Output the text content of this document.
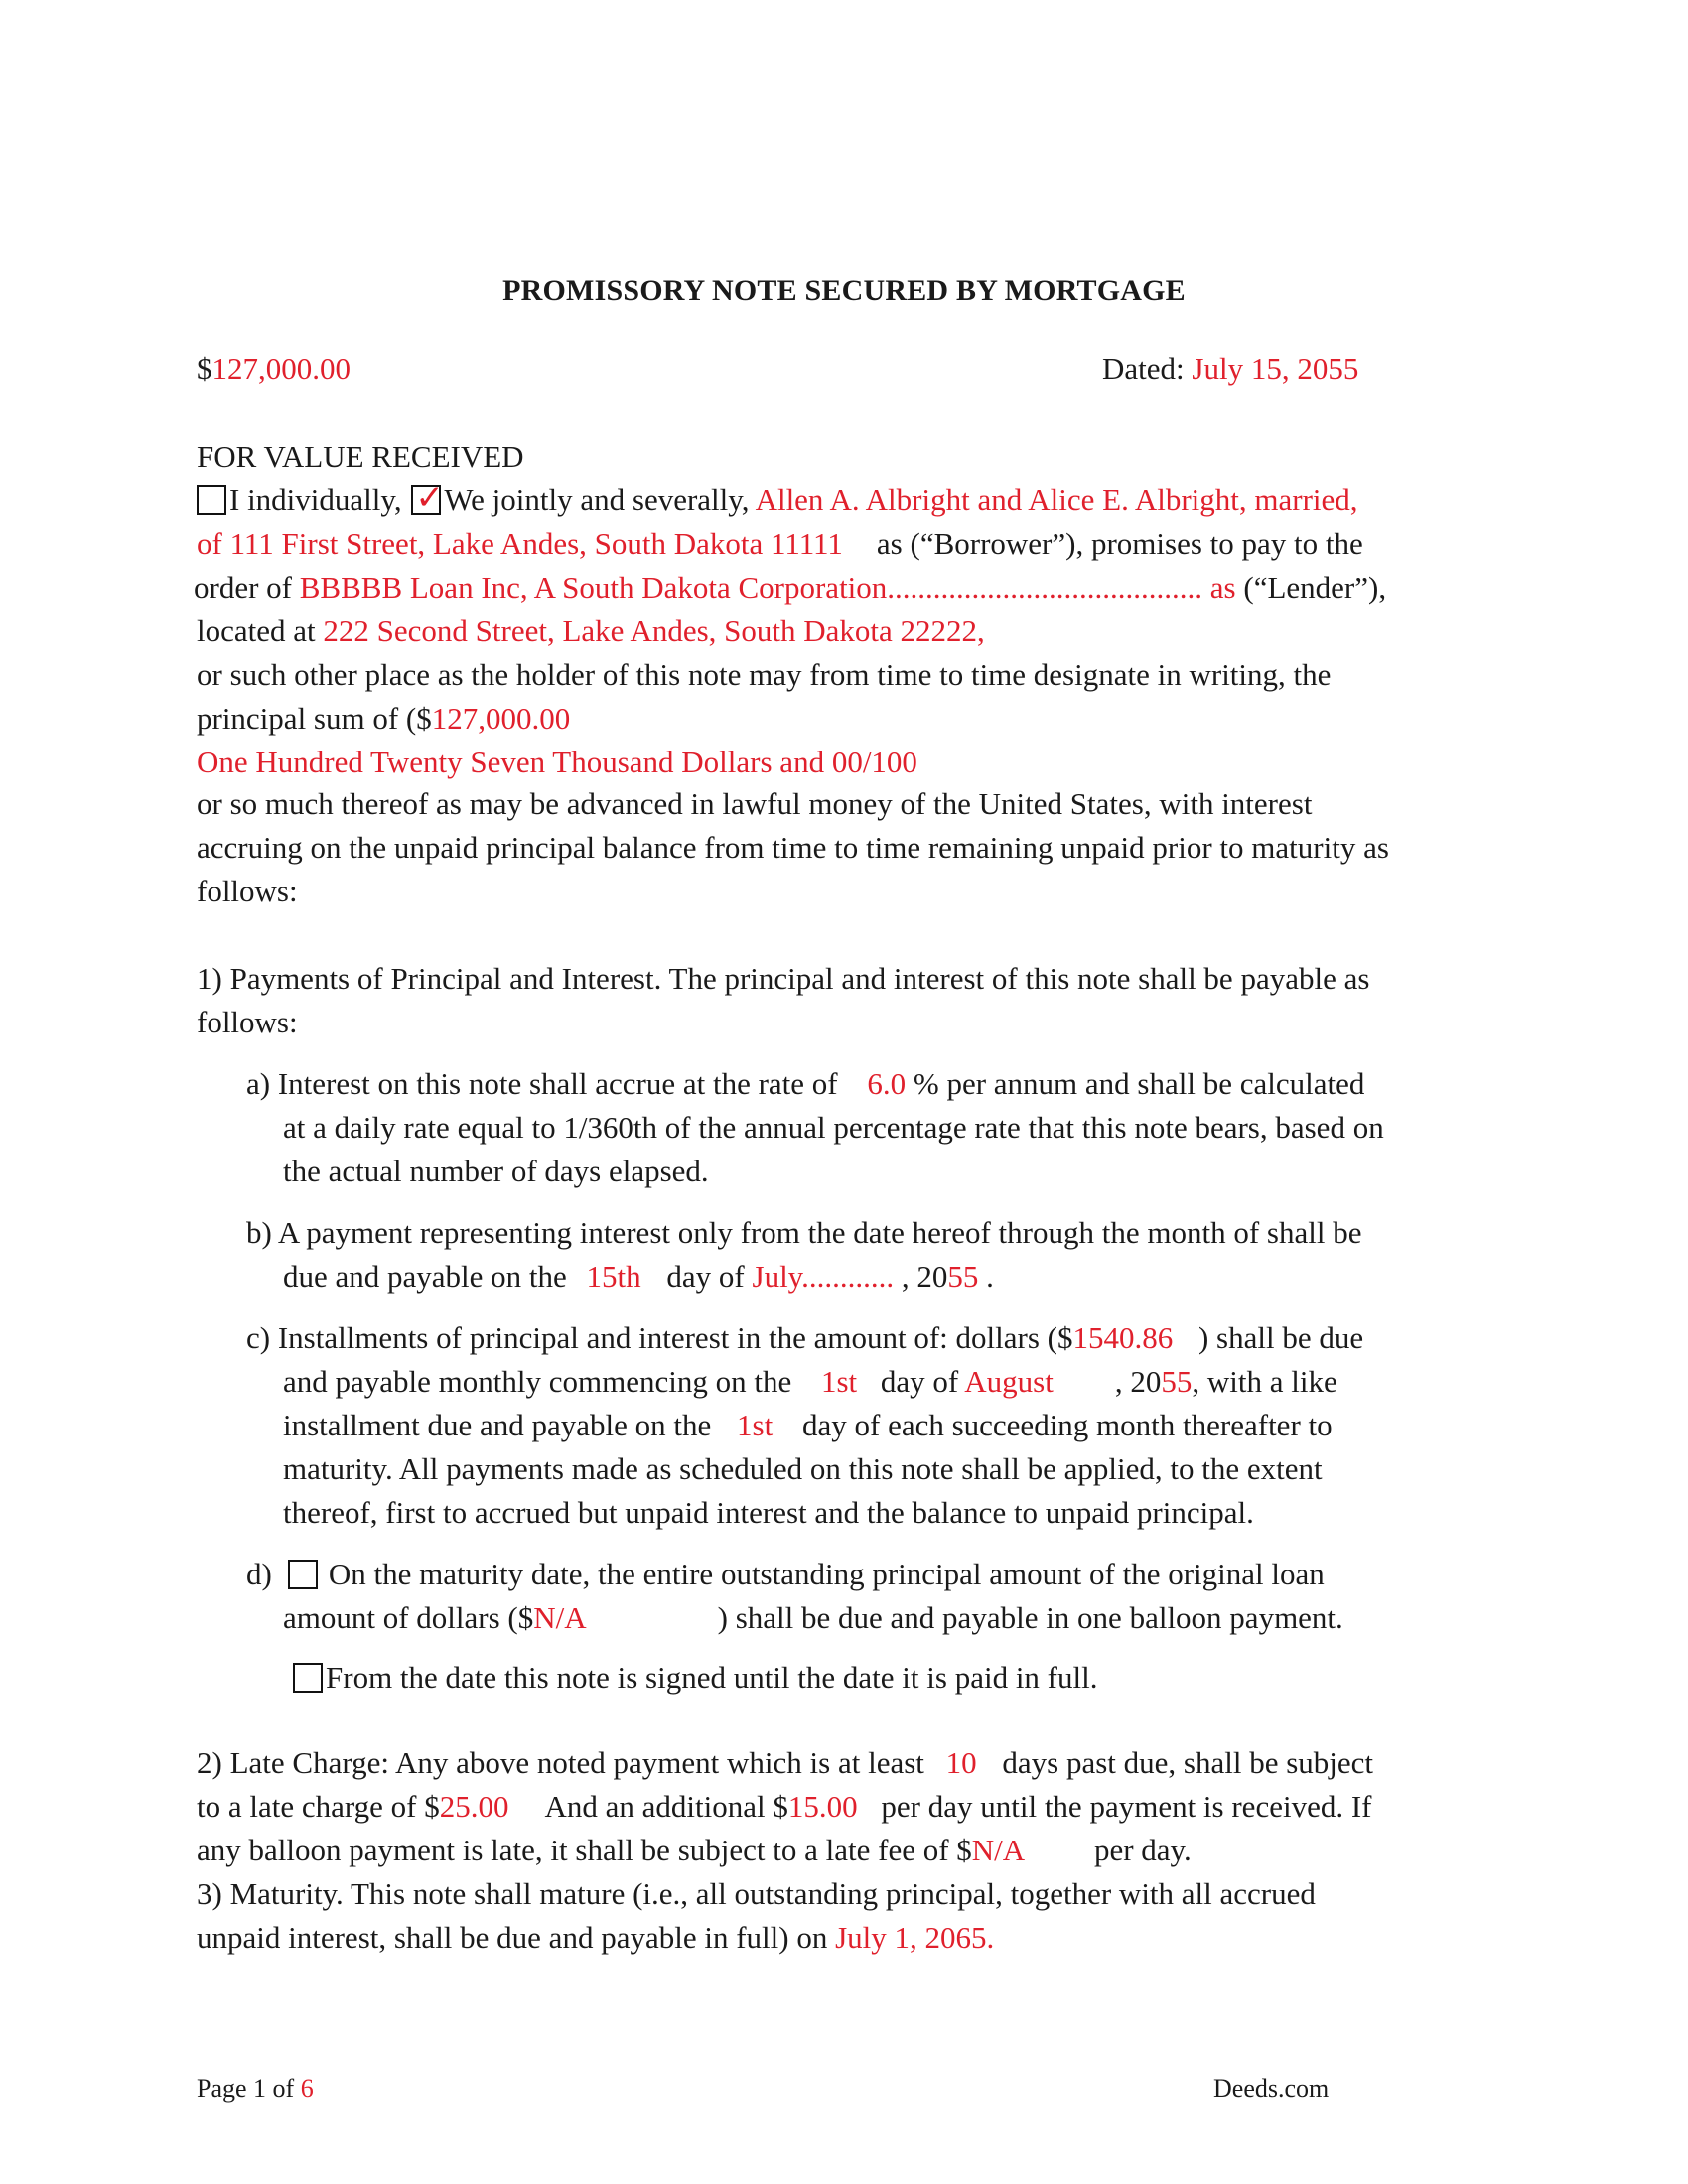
PROMISSORY NOTE SECURED BY MORTGAGE
$127,000.00	Dated: July 15, 2055
FOR VALUE RECEIVED
I individually, ✓ We jointly and severally, Allen A. Albright and Alice E. Albright, married,
of 111 First Street, Lake Andes, South Dakota 11111 as (“Borrower”), promises to pay to the
order of BBBBB Loan Inc, A South Dakota Corporation......................................... as (“Lender”),
located at 222 Second Street, Lake Andes, South Dakota 22222,
or such other place as the holder of this note may from time to time designate in writing, the
principal sum of ($127,000.00
One Hundred Twenty Seven Thousand Dollars and 00/100
or so much thereof as may be advanced in lawful money of the United States, with interest
accruing on the unpaid principal balance from time to time remaining unpaid prior to maturity as
follows:
1) Payments of Principal and Interest. The principal and interest of this note shall be payable as
follows:
a) Interest on this note shall accrue at the rate of 6.0 % per annum and shall be calculated
at a daily rate equal to 1/360th of the annual percentage rate that this note bears, based on
the actual number of days elapsed.
b) A payment representing interest only from the date hereof through the month of shall be
due and payable on the 15th day of July............ , 2055 .
c) Installments of principal and interest in the amount of: dollars ($1540.86 ) shall be due
and payable monthly commencing on the 1st day of August , 2055, with a like
installment due and payable on the 1st day of each succeeding month thereafter to
maturity. All payments made as scheduled on this note shall be applied, to the extent
thereof, first to accrued but unpaid interest and the balance to unpaid principal.
d) On the maturity date, the entire outstanding principal amount of the original loan
amount of dollars ($N/A	) shall be due and payable in one balloon payment.
From the date this note is signed until the date it is paid in full.
2) Late Charge: Any above noted payment which is at least 10 days past due, shall be subject
to a late charge of $25.00 And an additional $15.00 per day until the payment is received. If
any balloon payment is late, it shall be subject to a late fee of $N/A per day.
3) Maturity. This note shall mature (i.e., all outstanding principal, together with all accrued
unpaid interest, shall be due and payable in full) on July 1, 2065.
Page 1 of 6	Deeds.com
